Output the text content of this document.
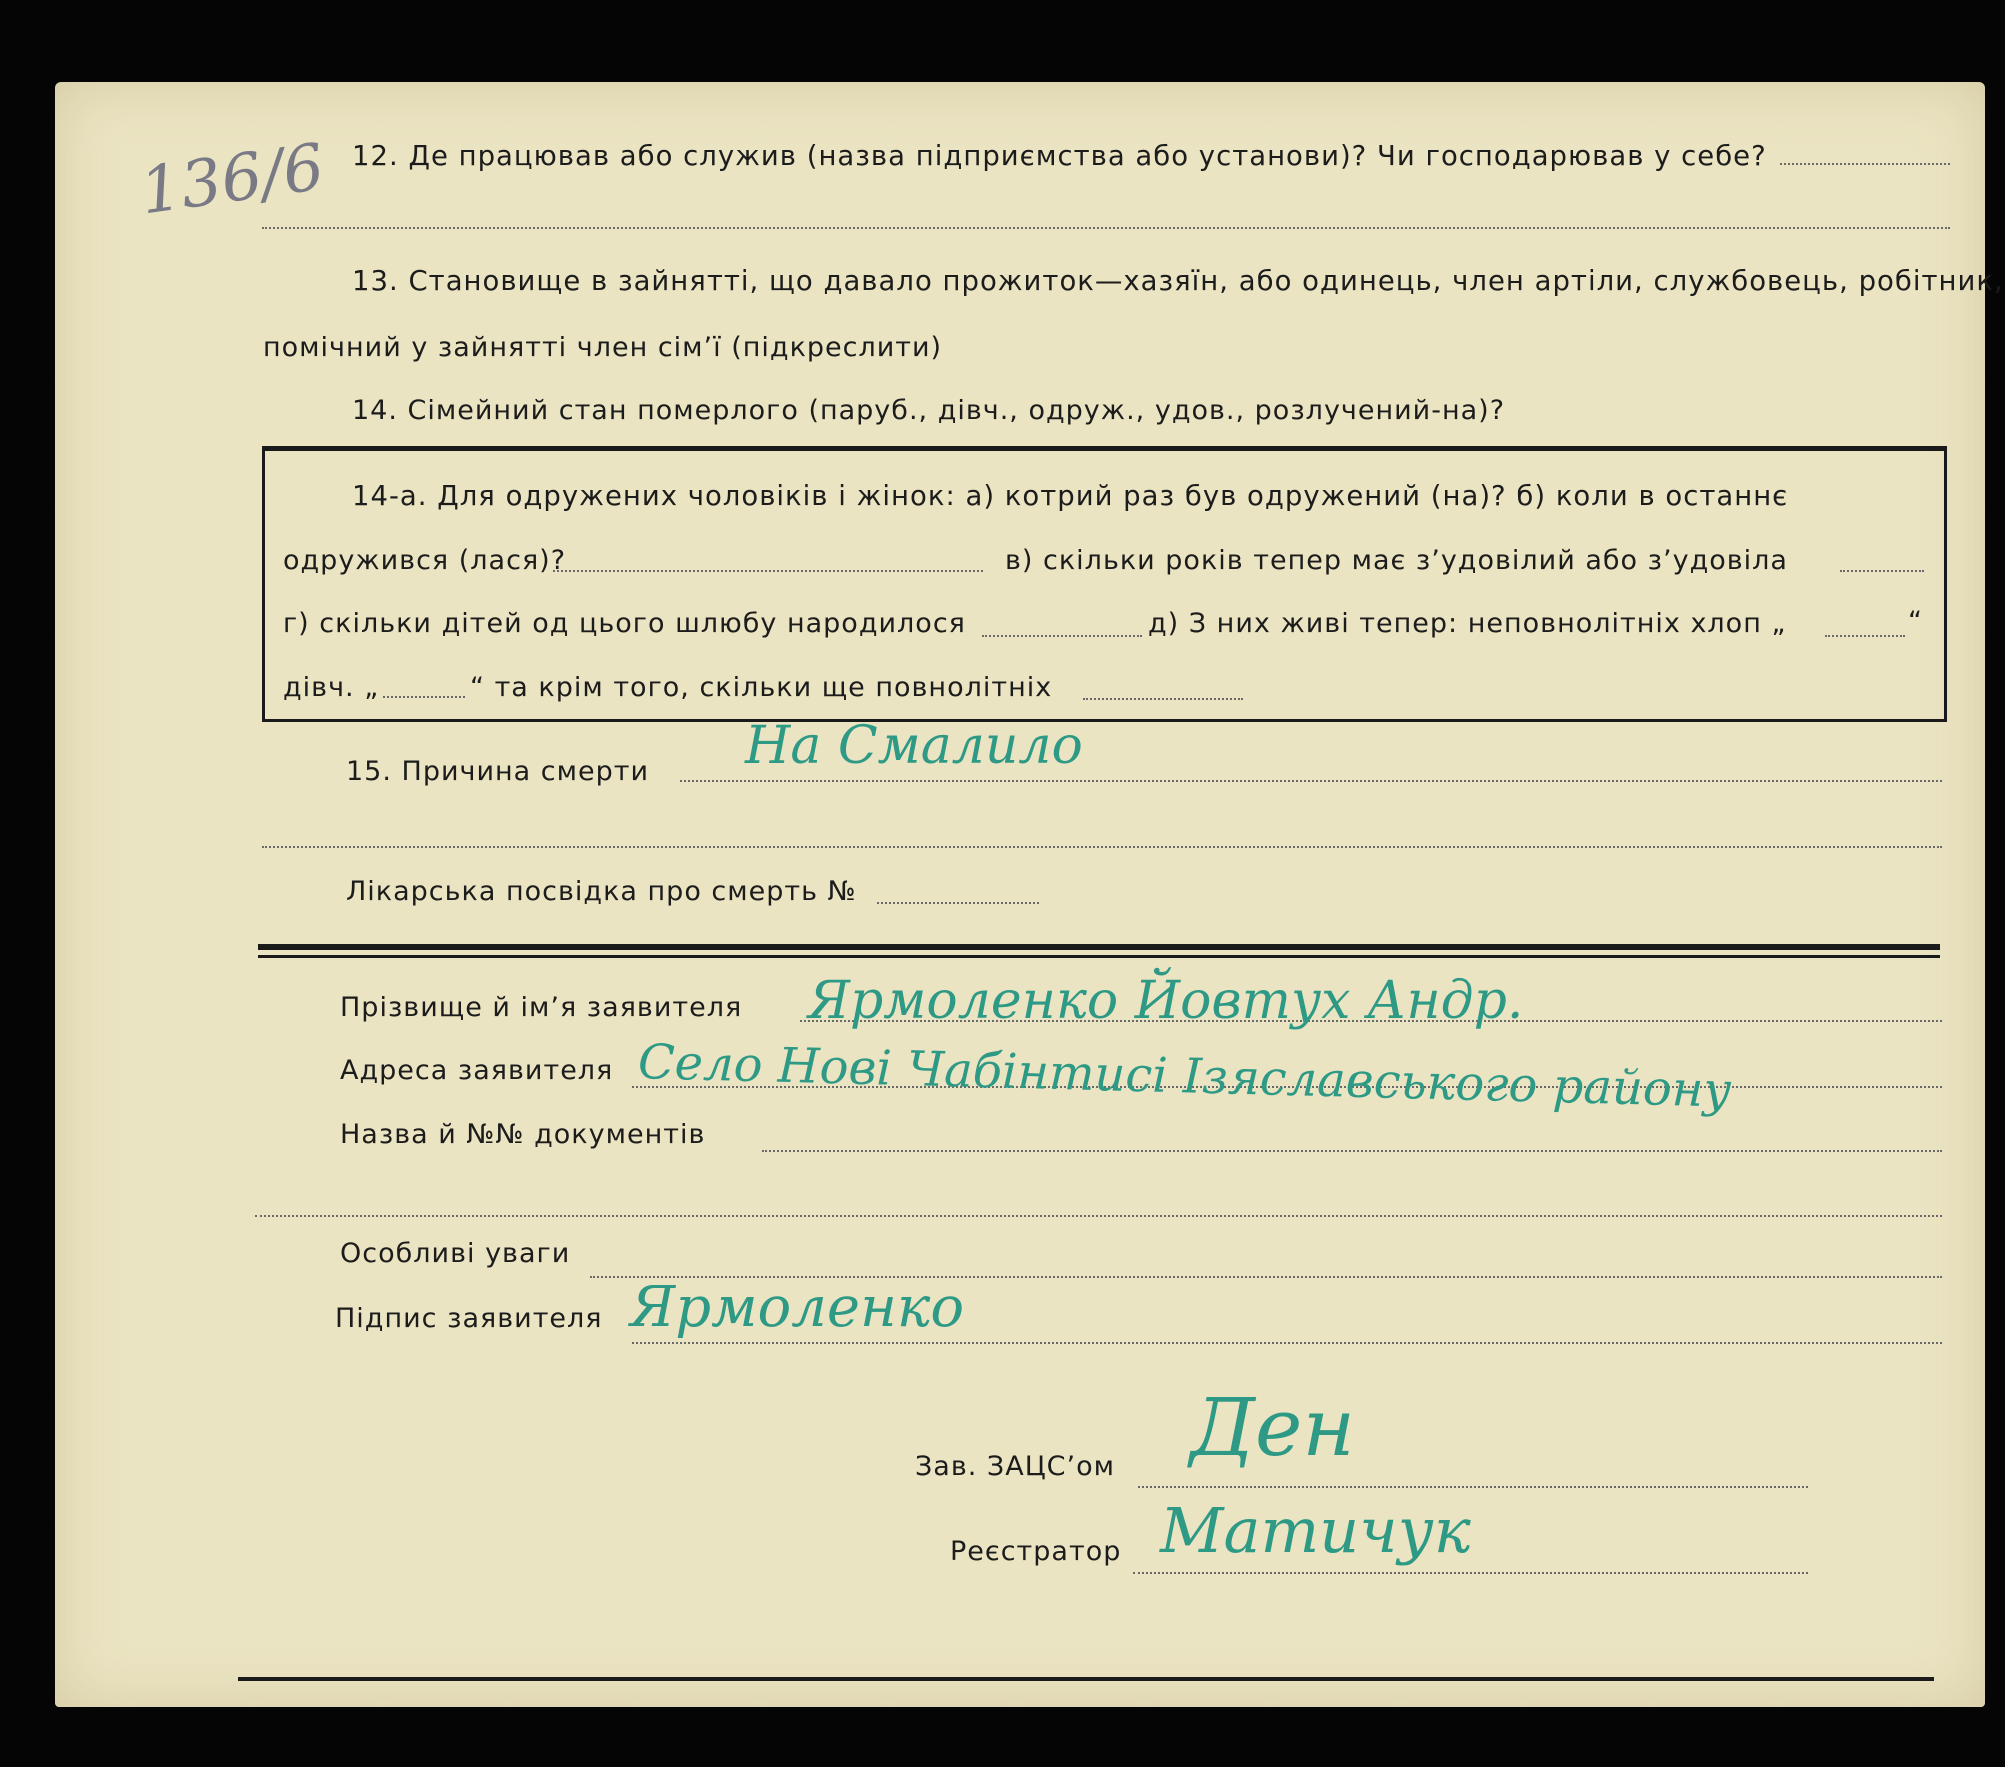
136/6 12. Де працював або служив (назва підприємства або установи)? Чи господарював у себе?
13. Становище в зайнятті, що давало прожиток—хазяїн, або одинець, член артіли, службовець, робітник,
помічний у зайнятті член сім’ї (підкреслити)
14. Сімейний стан померлого (паруб., дівч., одруж., удов., розлучений-на)?
14-а. Для одружених чоловіків і жінок: а) котрий раз був одружений (на)? б) коли в останнє
одружився (лася)?	в) скільки років тепер має з’удовілий або з’удовіла
г) скільки дітей од цього шлюбу народилося	д) З них живі тепер: неповнолітніх хлоп „	“
дівч. „	“ та крім того, скільки ще повнолітніх
15. Причина смерти На Смалило
Лікарська посвідка про смерть №
Прізвище й ім’я заявителя Ярмоленко Йовтух Андр.
Адреса заявителя Село Нові Чабінтисі Ізяславського району
Назва й №№ документів
Особливі уваги
Підпис заявителя Ярмоленко
Зав. ЗАЦС’ом Ден
Реєстратор Матичук
